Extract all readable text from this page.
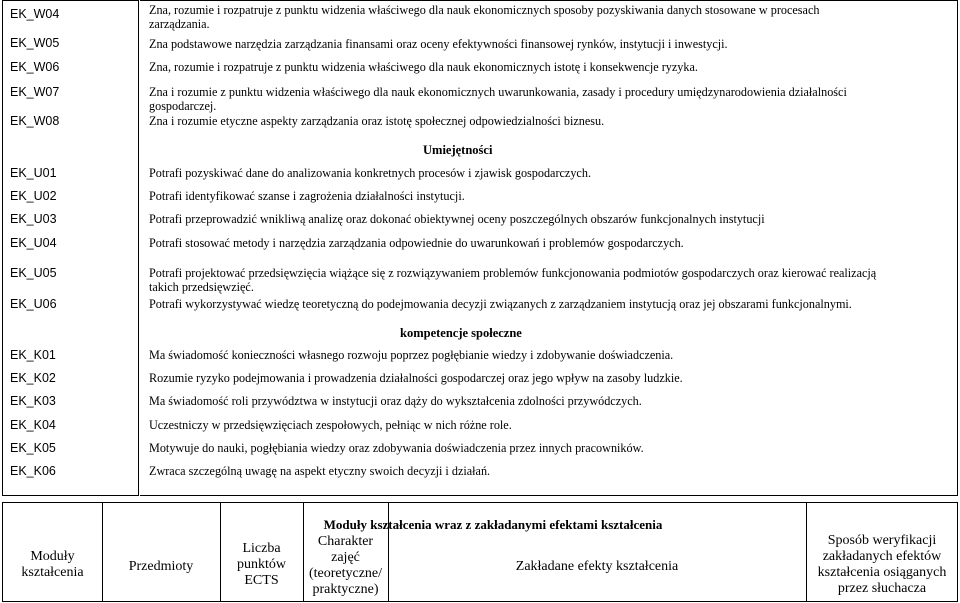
EK_W04
EK_W05
EK_W06
EK_W07
EK_W08
EK_U01
EK_U02
EK_U03
EK_U04
EK_U05
EK_U06
EK_K01
EK_K02
EK_K03
EK_K04
EK_K05
EK_K06
Zna, rozumie i rozpatruje z punktu widzenia właściwego dla nauk ekonomicznych sposoby pozyskiwania danych stosowane w procesach
zarządzania.
Zna podstawowe narzędzia zarządzania finansami oraz oceny efektywności finansowej rynków, instytucji i inwestycji.
Zna, rozumie i rozpatruje z punktu widzenia właściwego dla nauk ekonomicznych istotę i konsekwencje ryzyka.
Zna i rozumie z punktu widzenia właściwego dla nauk ekonomicznych uwarunkowania, zasady i procedury umiędzynarodowienia działalności
gospodarczej.
Zna i rozumie etyczne aspekty zarządzania oraz istotę społecznej odpowiedzialności biznesu.
Umiejętności
Potrafi pozyskiwać dane do analizowania konkretnych procesów i zjawisk gospodarczych.
Potrafi identyfikować szanse i zagrożenia działalności instytucji.
Potrafi przeprowadzić wnikliwą analizę oraz dokonać obiektywnej oceny poszczególnych obszarów funkcjonalnych instytucji
Potrafi stosować metody i narzędzia zarządzania odpowiednie do uwarunkowań i problemów gospodarczych.
Potrafi projektować przedsięwzięcia wiążące się z rozwiązywaniem problemów funkcjonowania podmiotów gospodarczych oraz kierować realizacją
takich przedsięwzięć.
Potrafi wykorzystywać wiedzę teoretyczną do podejmowania decyzji związanych z zarządzaniem instytucją oraz jej obszarami funkcjonalnymi.
kompetencje społeczne
Ma świadomość konieczności własnego rozwoju poprzez pogłębianie wiedzy i zdobywanie doświadczenia.
Rozumie ryzyko podejmowania i prowadzenia działalności gospodarczej oraz jego wpływ na zasoby ludzkie.
Ma świadomość roli przywództwa w instytucji oraz dąży do wykształcenia zdolności przywódczych.
Uczestniczy w przedsięwzięciach zespołowych, pełniąc w nich różne role.
Motywuje do nauki, pogłębiania wiedzy oraz zdobywania doświadczenia przez innych pracowników.
Zwraca szczególną uwagę na aspekt etyczny swoich decyzji i działań.
Moduły kształcenia wraz z zakładanymi efektami kształcenia
Moduły
kształcenia	Przedmioty
Liczba
punktów
ECTS
Charakter
zajęć
(teoretyczne/
praktyczne)
Zakładane efekty kształcenia
Sposób weryfikacji
zakładanych efektów
kształcenia osiąganych
przez słuchacza
